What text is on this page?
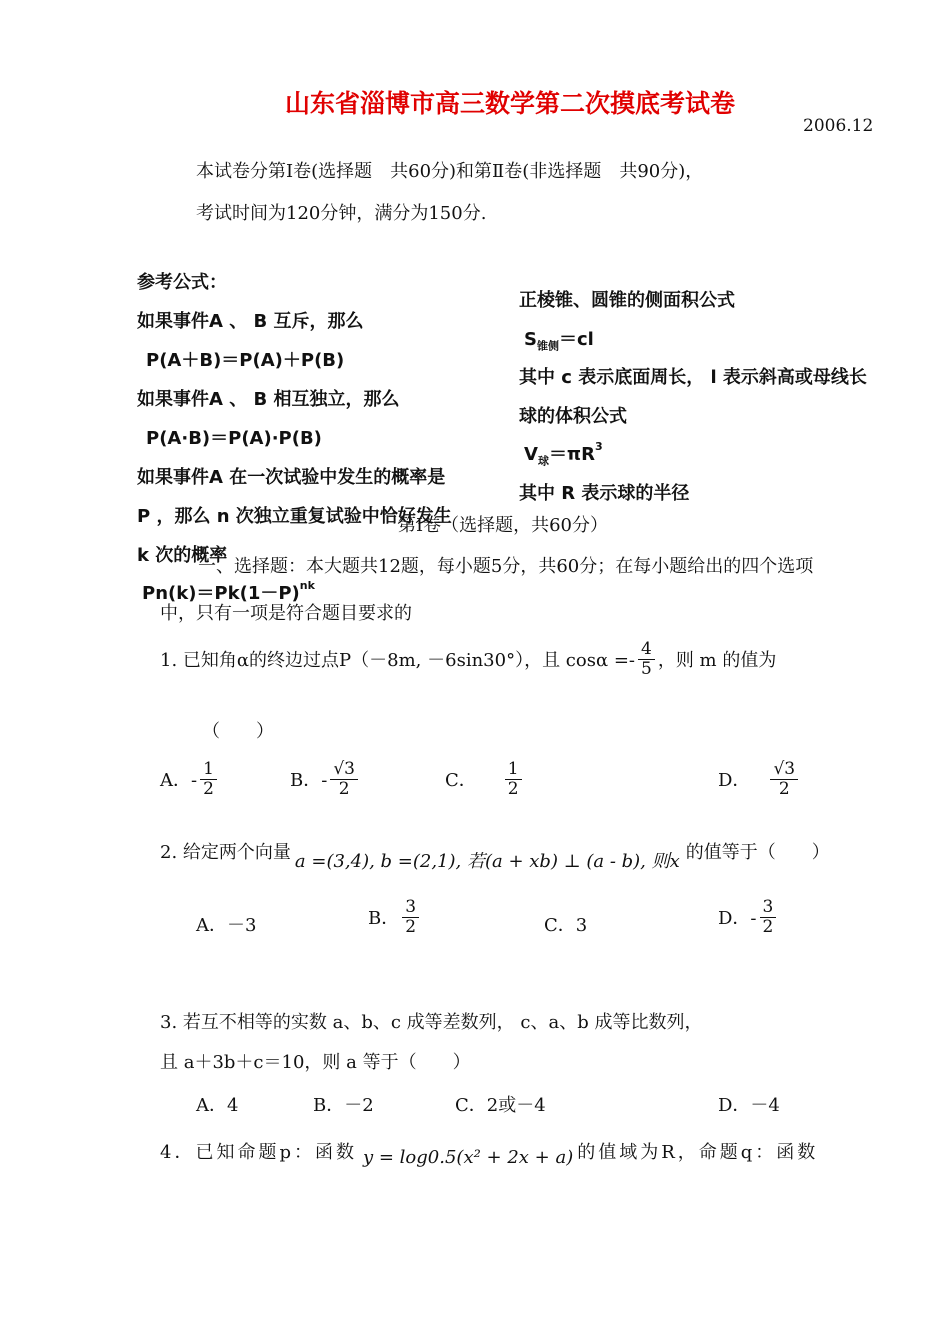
山东省淄博市高三数学第二次摸底考试卷
2006.12
本试卷分第Ⅰ卷(选择题　共60分)和第Ⅱ卷(非选择题　共90分)，
考试时间为120分钟，满分为150分.
参考公式：
如果事件A 、 B 互斥，那么
P(A＋B)＝P(A)＋P(B)
如果事件A 、 B 相互独立，那么
P(A·B)＝P(A)·P(B)
如果事件A 在一次试验中发生的概率是
P ，那么 n 次独立重复试验中恰好发生
k 次的概率
$Pn(k)=Pk(1-P)^{nk}$
正棱锥、圆锥的侧面积公式
$S_{锥侧}=cl$
其中 c 表示底面周长， l 表示斜高或母线长
球的体积公式
$V_球=\pi R^3$
其中 R 表示球的半径
第Ⅰ卷（选择题，共60分）
一、选择题：本大题共12题，每小题5分，共60分；在每小题给出的四个选项
中，只有一项是符合题目要求的
1. 已知角α的终边过点P（－8m, －6sin30°），且 $\cos\alpha =- \frac{4}{5}$ ，则 m 的值为
（　　）
A．- $\frac{1}{2}$	B．- $\frac{√3}{2}$	C． $\frac{1}{2}$	D． $\frac{√3}{2}$
2. 给定两个向量 a =(3,4), b =(2,1), 若(a + xb) ⊥ (a - b), 则x 的值等于（　　）
A．－3	B． $\frac{3}{2}$	C．3	D．- $\frac{3}{2}$
3. 若互不相等的实数 a、b、c 成等差数列， c、a、b 成等比数列，
且 a＋3b＋c＝10，则 a 等于（　　）
A．4	B．－2	C．2或－4	D．－4
4．已知命题p：函数 y = log0.5(x² + 2x + a) 的值域为R，命题q：函数
